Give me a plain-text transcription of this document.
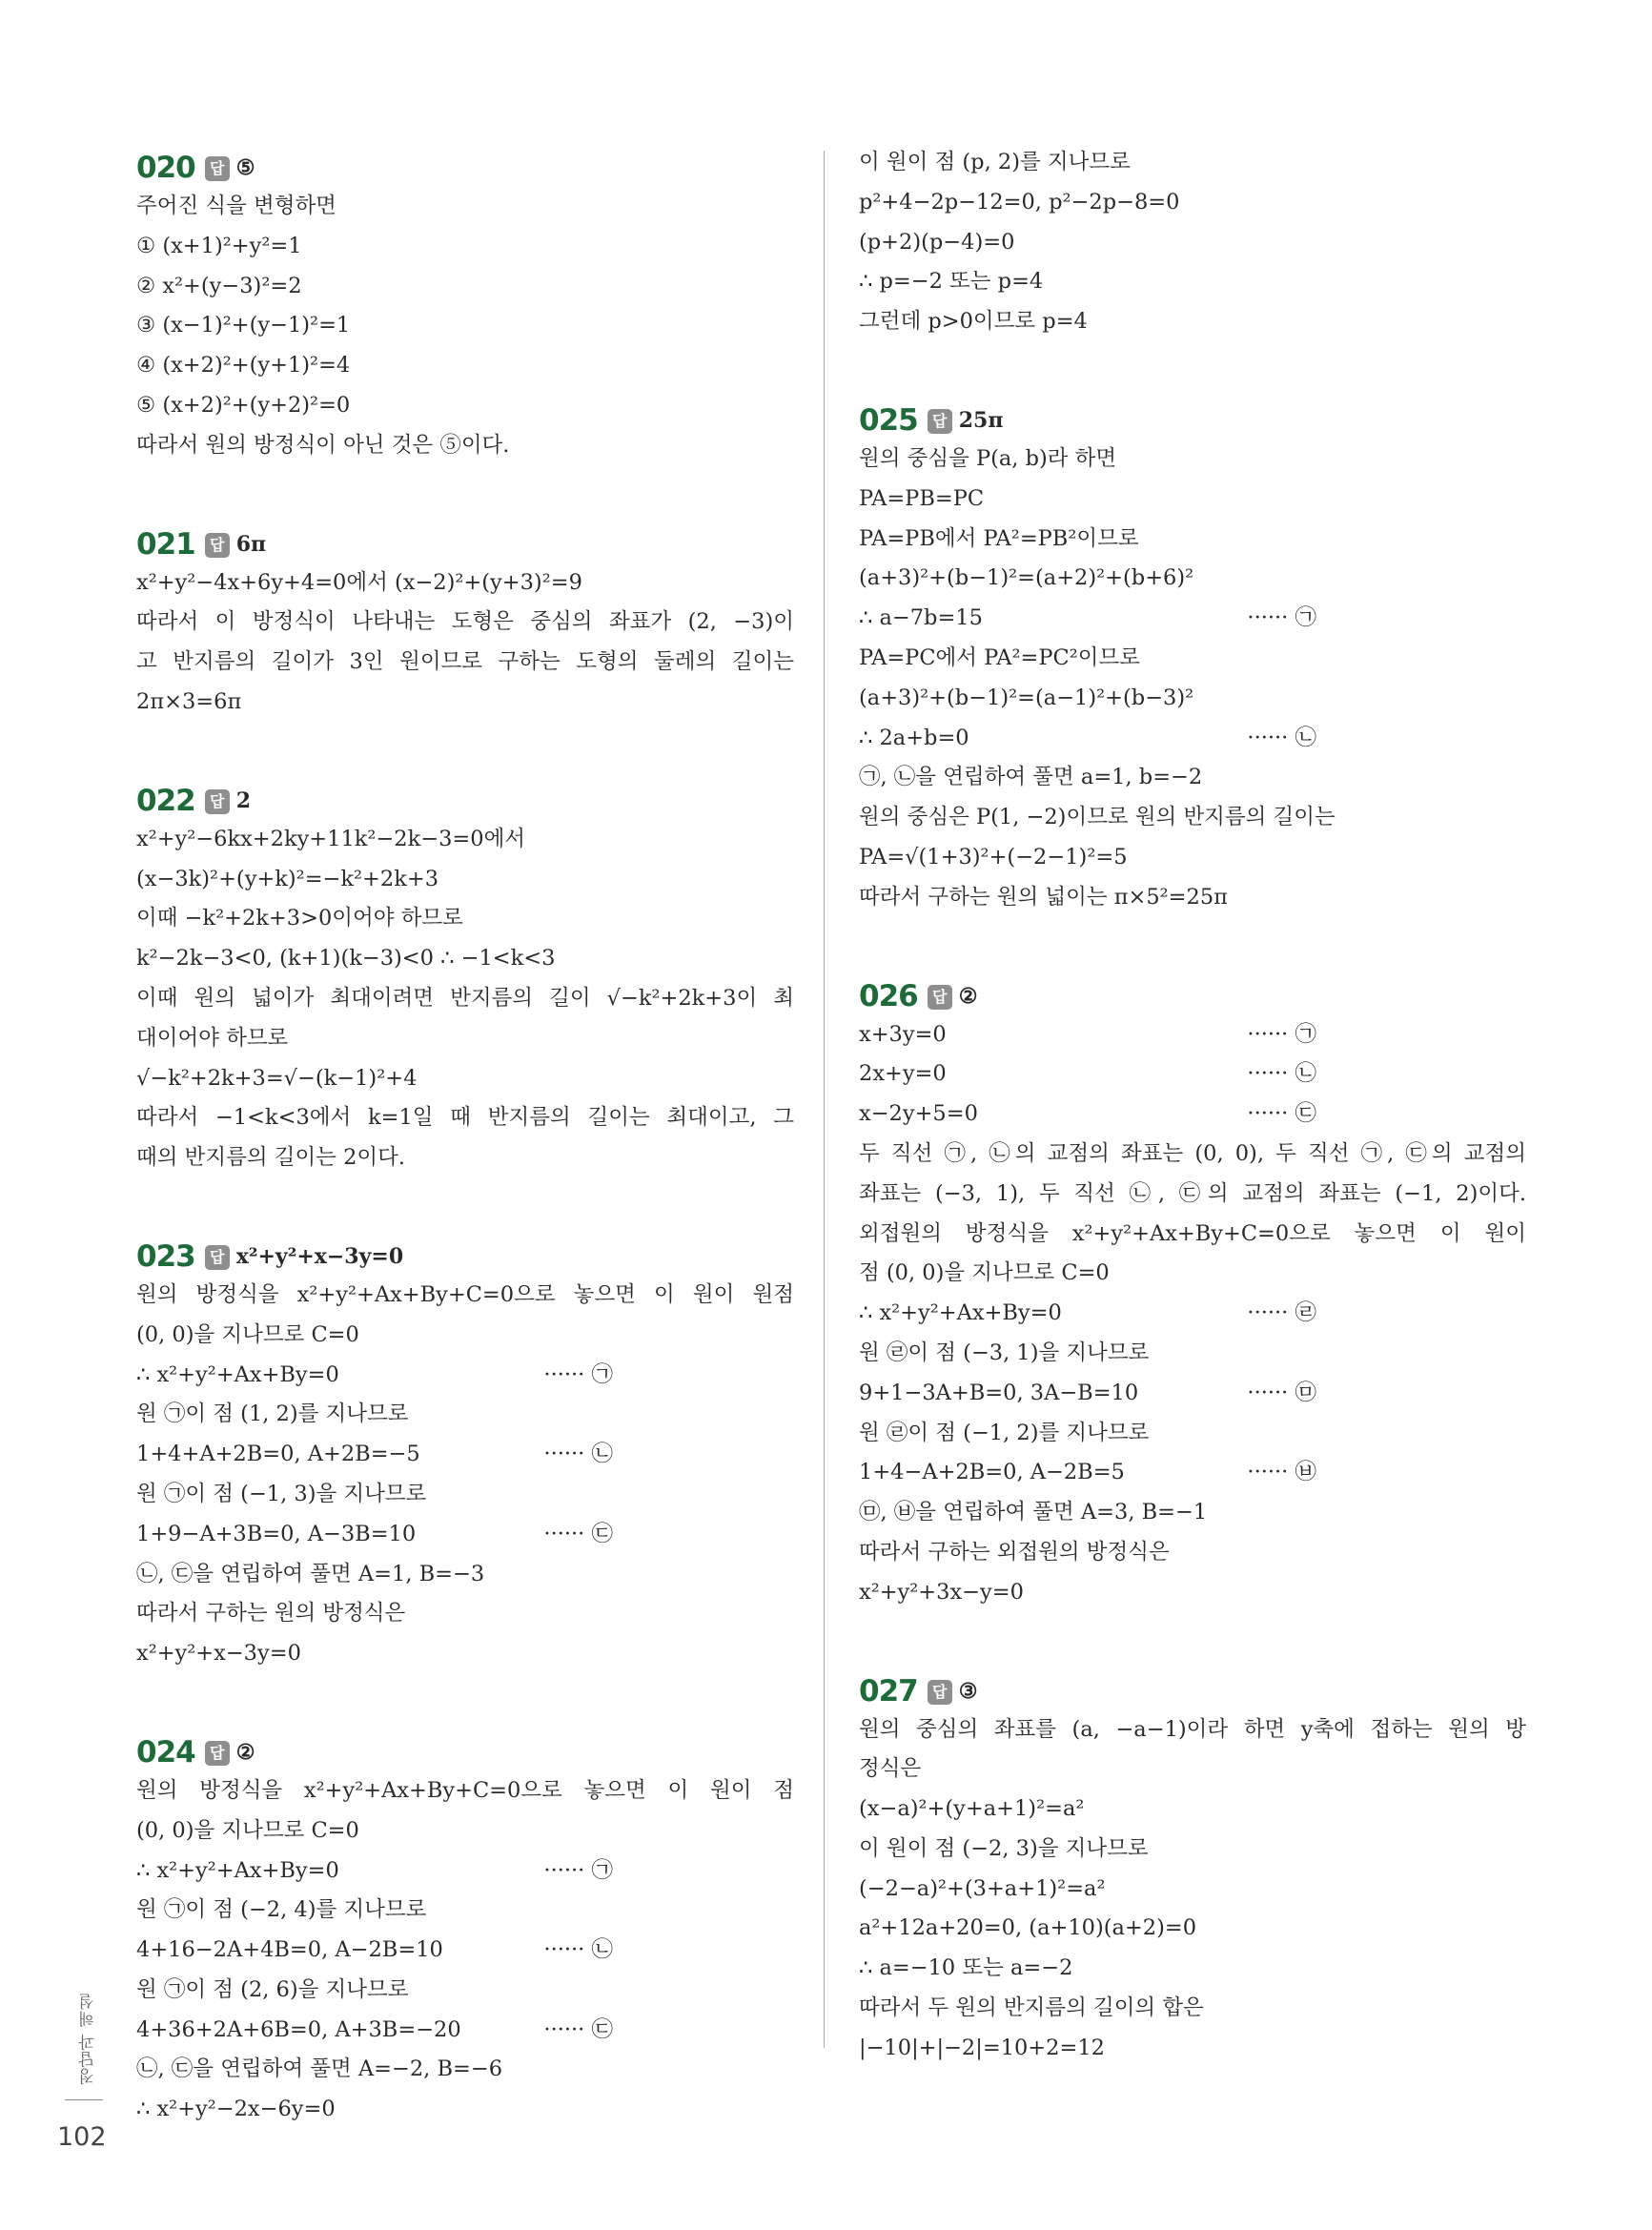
020 답 ⑤
주어진 식을 변형하면
① (x+1)²+y²=1
② x²+(y−3)²=2
③ (x−1)²+(y−1)²=1
④ (x+2)²+(y+1)²=4
⑤ (x+2)²+(y+2)²=0
따라서 원의 방정식이 아닌 것은 ⑤이다.
021 답 6π
x²+y²−4x+6y+4=0에서 (x−2)²+(y+3)²=9
따라서 이 방정식이 나타내는 도형은 중심의 좌표가 (2, −3)이
고 반지름의 길이가 3인 원이므로 구하는 도형의 둘레의 길이는
2π×3=6π
022 답 2
x²+y²−6kx+2ky+11k²−2k−3=0에서
(x−3k)²+(y+k)²=−k²+2k+3
이때 −k²+2k+3>0이어야 하므로
k²−2k−3<0, (k+1)(k−3)<0 ∴ −1<k<3
이때 원의 넓이가 최대이려면 반지름의 길이 √−k²+2k+3이 최
대이어야 하므로
√−k²+2k+3=√−(k−1)²+4
따라서 −1<k<3에서 k=1일 때 반지름의 길이는 최대이고, 그
때의 반지름의 길이는 2이다.
023 답 x²+y²+x−3y=0
원의 방정식을 x²+y²+Ax+By+C=0으로 놓으면 이 원이 원점
(0, 0)을 지나므로 C=0
∴ x²+y²+Ax+By=0	······ ㉠
원 ㉠이 점 (1, 2)를 지나므로
1+4+A+2B=0, A+2B=−5	······ ㉡
원 ㉠이 점 (−1, 3)을 지나므로
1+9−A+3B=0, A−3B=10	······ ㉢
㉡, ㉢을 연립하여 풀면 A=1, B=−3
따라서 구하는 원의 방정식은
x²+y²+x−3y=0
024 답 ②
원의 방정식을 x²+y²+Ax+By+C=0으로 놓으면 이 원이 점
(0, 0)을 지나므로 C=0
∴ x²+y²+Ax+By=0	······ ㉠
원 ㉠이 점 (−2, 4)를 지나므로
4+16−2A+4B=0, A−2B=10	······ ㉡
원 ㉠이 점 (2, 6)을 지나므로
4+36+2A+6B=0, A+3B=−20	······ ㉢
㉡, ㉢을 연립하여 풀면 A=−2, B=−6
∴ x²+y²−2x−6y=0
이 원이 점 (p, 2)를 지나므로
p²+4−2p−12=0, p²−2p−8=0
(p+2)(p−4)=0
∴ p=−2 또는 p=4
그런데 p>0이므로 p=4
025 답 25π
원의 중심을 P(a, b)라 하면
PA=PB=PC
PA=PB에서 PA²=PB²이므로
(a+3)²+(b−1)²=(a+2)²+(b+6)²
∴ a−7b=15	······ ㉠
PA=PC에서 PA²=PC²이므로
(a+3)²+(b−1)²=(a−1)²+(b−3)²
∴ 2a+b=0	······ ㉡
㉠, ㉡을 연립하여 풀면 a=1, b=−2
원의 중심은 P(1, −2)이므로 원의 반지름의 길이는
PA=√(1+3)²+(−2−1)²=5
따라서 구하는 원의 넓이는 π×5²=25π
026 답 ②
x+3y=0	······ ㉠
2x+y=0	······ ㉡
x−2y+5=0	······ ㉢
두 직선 ㉠, ㉡의 교점의 좌표는 (0, 0), 두 직선 ㉠, ㉢의 교점의
좌표는 (−3, 1), 두 직선 ㉡, ㉢의 교점의 좌표는 (−1, 2)이다.
외접원의 방정식을 x²+y²+Ax+By+C=0으로 놓으면 이 원이
점 (0, 0)을 지나므로 C=0
∴ x²+y²+Ax+By=0	······ ㉣
원 ㉣이 점 (−3, 1)을 지나므로
9+1−3A+B=0, 3A−B=10	······ ㉤
원 ㉣이 점 (−1, 2)를 지나므로
1+4−A+2B=0, A−2B=5	······ ㉥
㉤, ㉥을 연립하여 풀면 A=3, B=−1
따라서 구하는 외접원의 방정식은
x²+y²+3x−y=0
027 답 ③
원의 중심의 좌표를 (a, −a−1)이라 하면 y축에 접하는 원의 방
정식은
(x−a)²+(y+a+1)²=a²
이 원이 점 (−2, 3)을 지나므로
(−2−a)²+(3+a+1)²=a²
a²+12a+20=0, (a+10)(a+2)=0
∴ a=−10 또는 a=−2
따라서 두 원의 반지름의 길이의 합은
|−10|+|−2|=10+2=12
정답과 해설
102
